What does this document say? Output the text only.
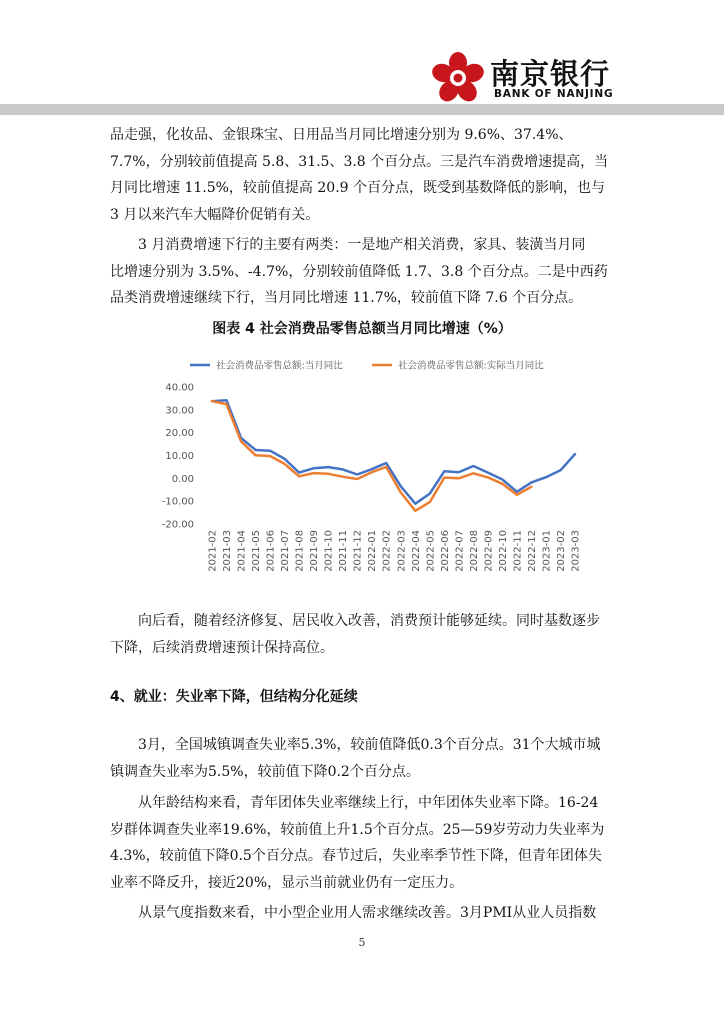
南京银行
BANK OF NANJING
品走强，化妆品、金银珠宝、日用品当月同比增速分别为 9.6%、37.4%、
7.7%，分别较前值提高 5.8、31.5、3.8 个百分点。三是汽车消费增速提高，当
月同比增速 11.5%，较前值提高 20.9 个百分点，既受到基数降低的影响，也与
3 月以来汽车大幅降价促销有关。
3 月消费增速下行的主要有两类：一是地产相关消费，家具、装潢当月同
比增速分别为 3.5%、-4.7%，分别较前值降低 1.7、3.8 个百分点。二是中西药
品类消费增速继续下行，当月同比增速 11.7%，较前值下降 7.6 个百分点。
图表 4 社会消费品零售总额当月同比增速（%）
社会消费品零售总额:当月同比	社会消费品零售总额:实际当月同比
40.00
30.00
20.00
10.00
0.00
-10.00
-20.00
2021-02 2021-03 2021-04 2021-05 2021-06 2021-07 2021-08 2021-09 2021-10 2021-11 2021-12 2022-01 2022-02 2022-03 2022-04 2022-05 2022-06 2022-07 2022-08 2022-09 2022-10 2022-11 2022-12 2023-01 2023-02 2023-03
向后看，随着经济修复、居民收入改善，消费预计能够延续。同时基数逐步
下降，后续消费增速预计保持高位。
4、就业：失业率下降，但结构分化延续
3月，全国城镇调查失业率5.3%，较前值降低0.3个百分点。31个大城市城
镇调查失业率为5.5%，较前值下降0.2个百分点。
从年龄结构来看，青年团体失业率继续上行，中年团体失业率下降。16-24
岁群体调查失业率19.6%，较前值上升1.5个百分点。25—59岁劳动力失业率为
4.3%，较前值下降0.5个百分点。春节过后，失业率季节性下降，但青年团体失
业率不降反升，接近20%，显示当前就业仍有一定压力。
从景气度指数来看，中小型企业用人需求继续改善。3月PMI从业人员指数
5
